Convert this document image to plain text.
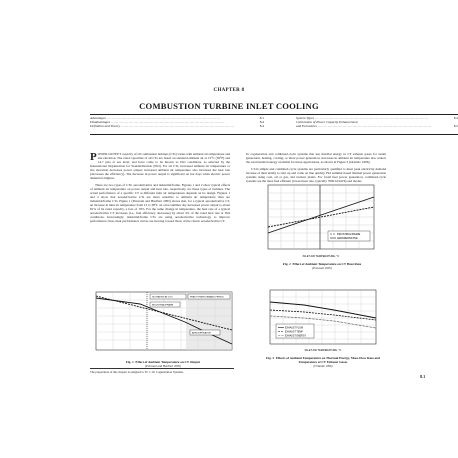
CHAPTER 8
COMBUSTION TURBINE INLET COOLING
Advantages ...........................................................................................	8.1
Disadvantages ...........................................................................................	8.4
Definition and Theory ...........................................................................................	8.4
System Types ...........................................................................................	8.4
Calculation of Power Capacity Enhancement
and Economics ...........................................................................................	8.5

POWER OUTPUT capacity of all combustion turbines (CTs) varies with ambient air temperature and site elevation. The rated capacities of all CTs are based on standard ambient air at 15°C (59°F) and 14.7 psia at sea level, and have come to be known as ISO conditions, as selected by the International Organization for Standardization (ISO). For all CTs, increased ambient air temperature or site elevation decreases power output; increased ambient air temperature also increases the heat rate (decreases the efficiency). The decrease in power output is significant on hot days when electric power demand is highest.

There are two types of CTs: aeroderivative and industrial/frame. Figures 1 and 2 show typical effects of ambient air temperature on power output and heat rate, respectively, for these types of turbines. The actual performance of a specific CT at different inlet air temperatures depends on its design. Figures 1 and 2 show that aeroderivative CTs are more sensitive to ambient air temperature than are industrial/frame CTs. Figure 1 (Punwani and Hurlbert 2005) shows that, for a typical aeroderivative CT, an increase in inlet air temperature from 15 to 38°C on a hot summer day decreases power output to about 81% of its rated capacity, a loss of 19%. For the same change in temperature, the heat rate of a typical aeroderivative CT increases (i.e., fuel efficiency decreases) by about 4% of the rated heat rate at ISO conditions. Increasingly, industrial/frame CTs are using aeroderivative technology to improve performance; thus, their performance curves are moving toward those of the classic aeroderivative CT.

In cogeneration and combined-cycle systems that use thermal energy in CT exhaust gases for steam generation, heating, cooling, or more power generation, increases in ambient air temperature also reduce the total thermal energy available for these applications, as shown in Figure 3 (Orlando 1996).

CT-in simple and combined-cycle systems are particularly qualified to meet peak electricity demand because of their ability to start up and come on line quickly. Hot summer-based thermal power generation systems using coal, oil or gas, and nuclear plants. For fossil fuel power generation, combined-cycle systems are the most fuel efficient (lowest heat rate, typically 7000 kJ/kWh) and moder-

INDUSTRIAL/FRAME
AERODERIVATIVE
INLET AIR TEMPERATURE, °C
Fig. 2 Effect of Ambient Temperature on CT Heat Rate
(Punwani 2005)
ISO RATING AT 15°C	PEAK POWER DEMAND PERIOD
INDUSTRIAL/FRAME
AERODERIVATIVE
Fig. 1 Effect of Ambient Temperature on CT Output
(Punwani and Hurlbert 2005)
EXHAUST FLOW
EXHAUST TEMP
EXHAUST ENERGY
INLET AIR TEMPERATURE, °C
Fig. 3 Effects of Ambient Temperature on Thermal Energy, Mass-Flow Rate and Temperature of CT Exhaust Gases
(Orlando 1996)
The preparation of this chapter is assigned to TC 1.10, Cogeneration Systems.
8.1
